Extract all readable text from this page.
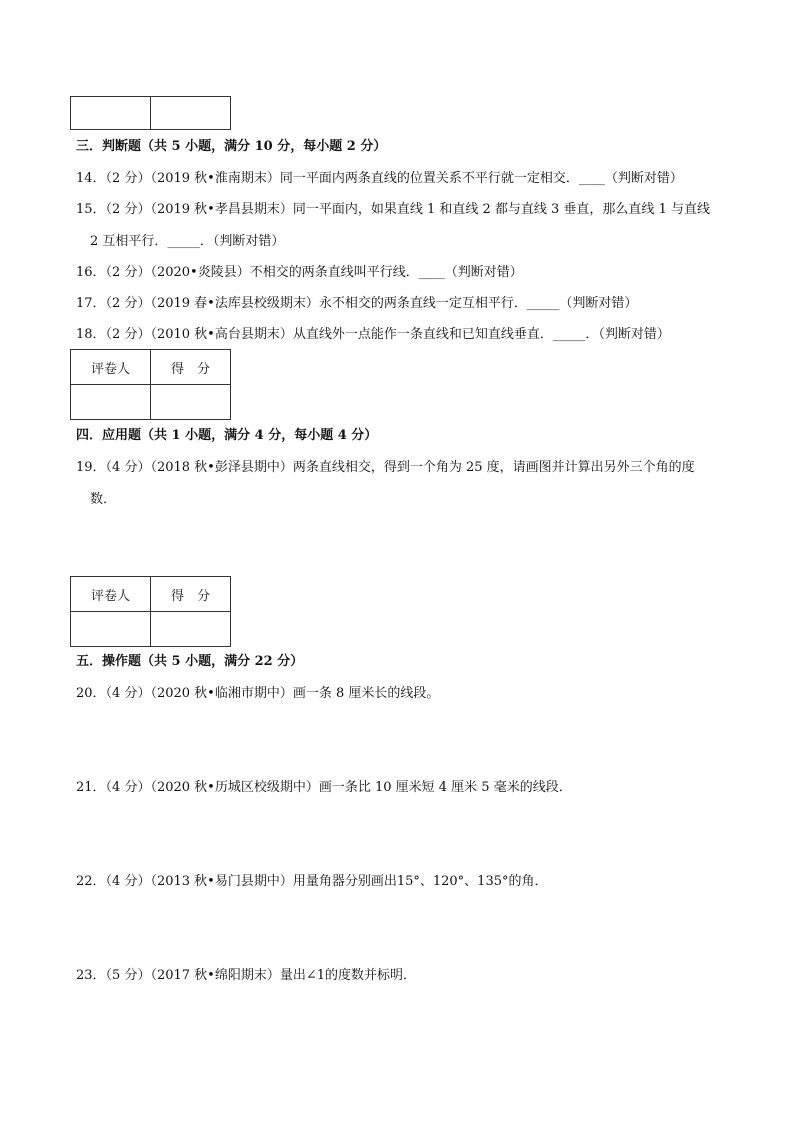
三．判断题（共 5 小题，满分 10 分，每小题 2 分）
14．（2 分）（2019 秋•淮南期末）同一平面内两条直线的位置关系不平行就一定相交．____（判断对错）
15．（2 分）（2019 秋•孝昌县期末）同一平面内，如果直线 1 和直线 2 都与直线 3 垂直，那么直线 1 与直线
2 互相平行．_____．（判断对错）
16．（2 分）（2020•炎陵县）不相交的两条直线叫平行线．____（判断对错）
17．（2 分）（2019 春•法库县校级期末）永不相交的两条直线一定互相平行．_____（判断对错）
18．（2 分）（2010 秋•高台县期末）从直线外一点能作一条直线和已知直线垂直．_____．（判断对错）
评卷人	得　分

四．应用题（共 1 小题，满分 4 分，每小题 4 分）
19．（4 分）（2018 秋•彭泽县期中）两条直线相交，得到一个角为 25 度，请画图并计算出另外三个角的度
数．
评卷人	得　分

五．操作题（共 5 小题，满分 22 分）
20．（4 分）（2020 秋•临湘市期中）画一条 8 厘米长的线段。
21．（4 分）（2020 秋•历城区校级期中）画一条比 10 厘米短 4 厘米 5 毫米的线段．
22．（4 分）（2013 秋•易门县期中）用量角器分别画出15°、120°、135°的角．
23．（5 分）（2017 秋•绵阳期末）量出∠1的度数并标明．
